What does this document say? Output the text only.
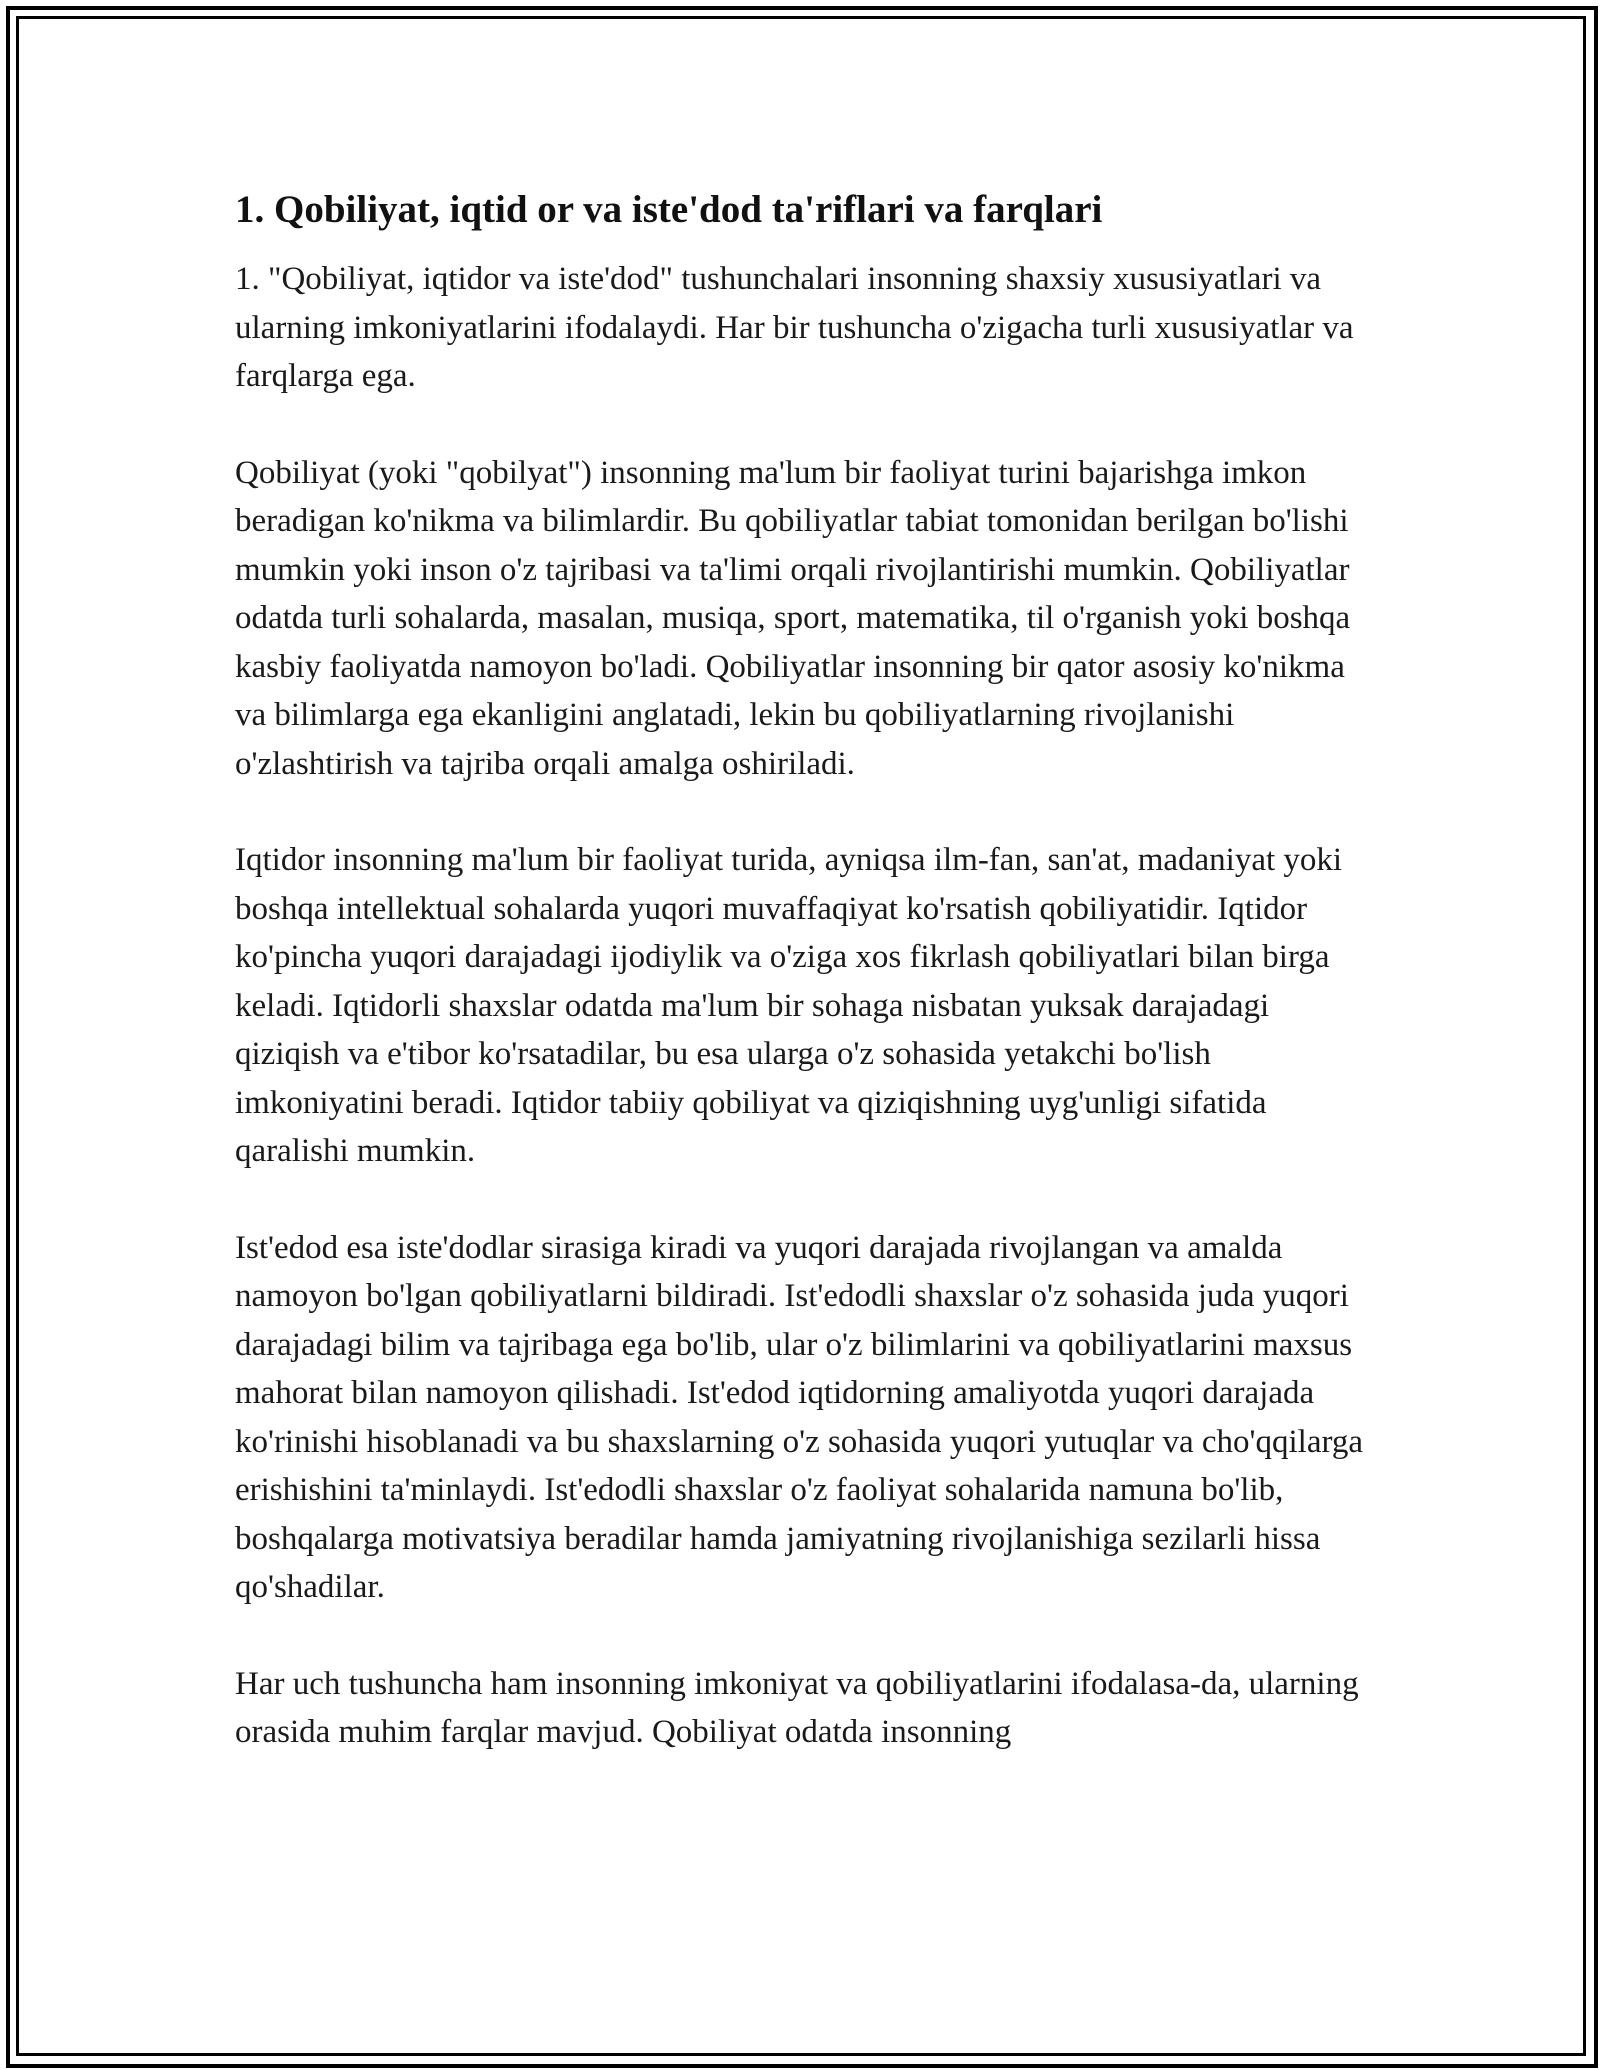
1. Qobiliyat, iqtid or va iste'dod ta'riflari va farqlari

1. "Qobiliyat, iqtidor va iste'dod" tushunchalari insonning shaxsiy xususiyatlari va ularning imkoniyatlarini ifodalaydi. Har bir tushuncha o'zigacha turli xususiyatlar va farqlarga ega.

Qobiliyat (yoki "qobilyat") insonning ma'lum bir faoliyat turini bajarishga imkon beradigan ko'nikma va bilimlardir. Bu qobiliyatlar tabiat tomonidan berilgan bo'lishi mumkin yoki inson o'z tajribasi va ta'limi orqali rivojlantirishi mumkin. Qobiliyatlar odatda turli sohalarda, masalan, musiqa, sport, matematika, til o'rganish yoki boshqa kasbiy faoliyatda namoyon bo'ladi. Qobiliyatlar insonning bir qator asosiy ko'nikma va bilimlarga ega ekanligini anglatadi, lekin bu qobiliyatlarning rivojlanishi o'zlashtirish va tajriba orqali amalga oshiriladi.

Iqtidor insonning ma'lum bir faoliyat turida, ayniqsa ilm-fan, san'at, madaniyat yoki boshqa intellektual sohalarda yuqori muvaffaqiyat ko'rsatish qobiliyatidir. Iqtidor ko'pincha yuqori darajadagi ijodiylik va o'ziga xos fikrlash qobiliyatlari bilan birga keladi. Iqtidorli shaxslar odatda ma'lum bir sohaga nisbatan yuksak darajadagi qiziqish va e'tibor ko'rsatadilar, bu esa ularga o'z sohasida yetakchi bo'lish imkoniyatini beradi. Iqtidor tabiiy qobiliyat va qiziqishning uyg'unligi sifatida qaralishi mumkin.

Ist'edod esa iste'dodlar sirasiga kiradi va yuqori darajada rivojlangan va amalda namoyon bo'lgan qobiliyatlarni bildiradi. Ist'edodli shaxslar o'z sohasida juda yuqori darajadagi bilim va tajribaga ega bo'lib, ular o'z bilimlarini va qobiliyatlarini maxsus mahorat bilan namoyon qilishadi. Ist'edod iqtidorning amaliyotda yuqori darajada ko'rinishi hisoblanadi va bu shaxslarning o'z sohasida yuqori yutuqlar va cho'qqilarga erishishini ta'minlaydi. Ist'edodli shaxslar o'z faoliyat sohalarida namuna bo'lib, boshqalarga motivatsiya beradilar hamda jamiyatning rivojlanishiga sezilarli hissa qo'shadilar.

Har uch tushuncha ham insonning imkoniyat va qobiliyatlarini ifodalasa-da, ularning orasida muhim farqlar mavjud. Qobiliyat odatda insonning
